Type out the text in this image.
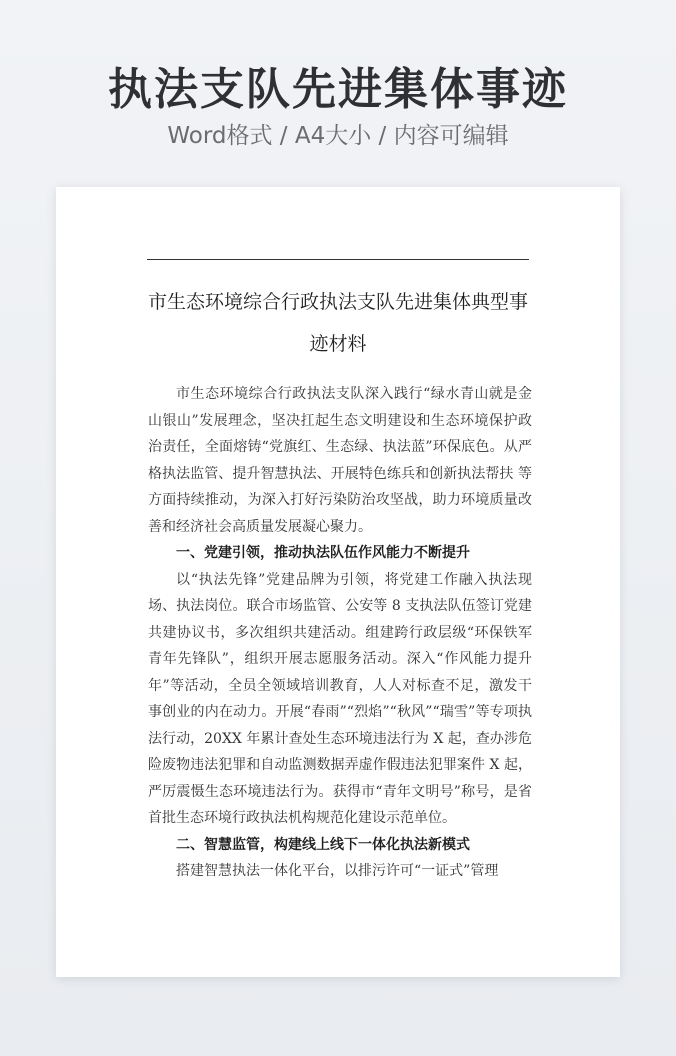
执法支队先进集体事迹
Word格式 / A4大小 / 内容可编辑
市生态环境综合行政执法支队先进集体典型事迹材料

市生态环境综合行政执法支队深入践行“绿水青山就是金山银山”发展理念，坚决扛起生态文明建设和生态环境保护政治责任，全面熔铸“党旗红、生态绿、执法蓝”环保底色。从严格执法监管、提升智慧执法、开展特色练兵和创新执法帮扶 等方面持续推动，为深入打好污染防治攻坚战，助力环境质量改善和经济社会高质量发展凝心聚力。

一、党建引领，推动执法队伍作风能力不断提升

以“执法先锋”党建品牌为引领，将党建工作融入执法现场、执法岗位。联合市场监管、公安等 8 支执法队伍签订党建共建协议书，多次组织共建活动。组建跨行政层级“环保铁军青年先锋队”，组织开展志愿服务活动。深入“作风能力提升年”等活动，全员全领域培训教育，人人对标查不足，激发干事创业的内在动力。开展“春雨”“烈焰”“秋风”“瑞雪”等专项执法行动，20XX 年累计查处生态环境违法行为 X 起，查办涉危险废物违法犯罪和自动监测数据弄虚作假违法犯罪案件 X 起，严厉震慑生态环境违法行为。获得市“青年文明号”称号，是省首批生态环境行政执法机构规范化建设示范单位。

二、智慧监管，构建线上线下一体化执法新模式

搭建智慧执法一体化平台，以排污许可“一证式”管理
